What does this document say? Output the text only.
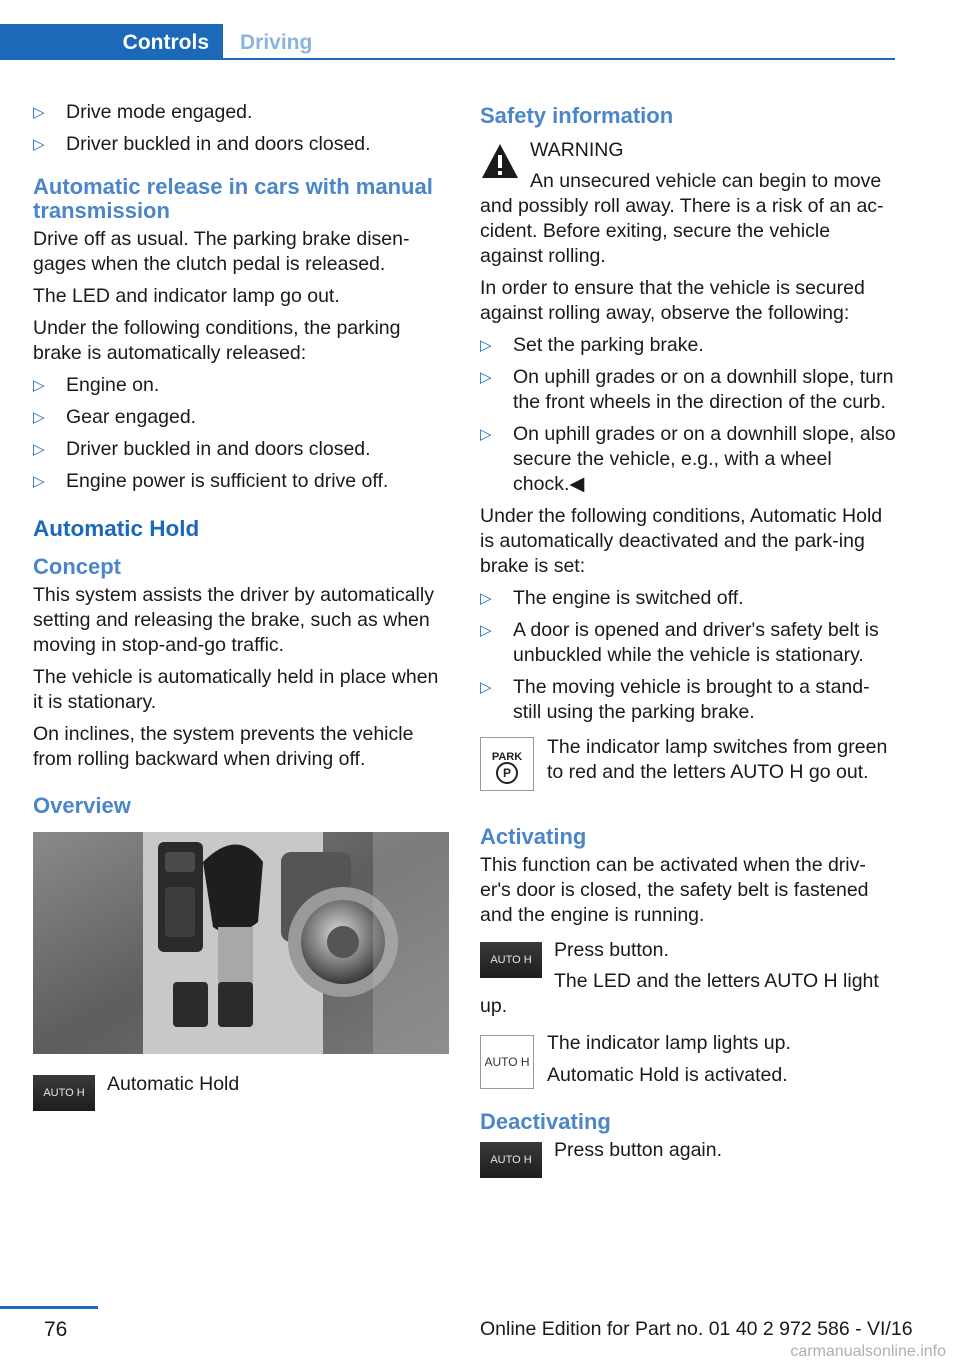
Controls	Driving
▷ Drive mode engaged.
▷ Driver buckled in and doors closed.
Automatic release in cars with manual transmission

Drive off as usual. The parking brake disen‐gages when the clutch pedal is released.

The LED and indicator lamp go out.

Under the following conditions, the parking brake is automatically released:

▷ Engine on.
▷ Gear engaged.
▷ Driver buckled in and doors closed.
▷ Engine power is sufficient to drive off.
Automatic Hold
Concept

This system assists the driver by automatically setting and releasing the brake, such as when moving in stop-and-go traffic.

The vehicle is automatically held in place when it is stationary.

On inclines, the system prevents the vehicle from rolling backward when driving off.

Overview
AUTO H	Automatic Hold
Safety information

WARNING

An unsecured vehicle can begin to move and possibly roll away. There is a risk of an ac‐cident. Before exiting, secure the vehicle against rolling.

In order to ensure that the vehicle is secured against rolling away, observe the following:

▷ Set the parking brake.
▷ On uphill grades or on a downhill slope, turn the front wheels in the direction of the curb.
▷ On uphill grades or on a downhill slope, also secure the vehicle, e.g., with a wheel chock.◀

Under the following conditions, Automatic Hold is automatically deactivated and the park‐ing brake is set:

▷ The engine is switched off.
▷ A door is opened and driver's safety belt is unbuckled while the vehicle is stationary.
▷ The moving vehicle is brought to a stand‐still using the parking brake.
PARK
P

The indicator lamp switches from green to red and the letters AUTO H go out.

Activating

This function can be activated when the driv‐er's door is closed, the safety belt is fastened and the engine is running.

AUTO H	Press button.

The LED and the letters AUTO H light up.

AUTO H

The indicator lamp lights up.

Automatic Hold is activated.

Deactivating
AUTO H	Press button again.

76	Online Edition for Part no. 01 40 2 972 586 - VI/16
carmanualsonline.info
